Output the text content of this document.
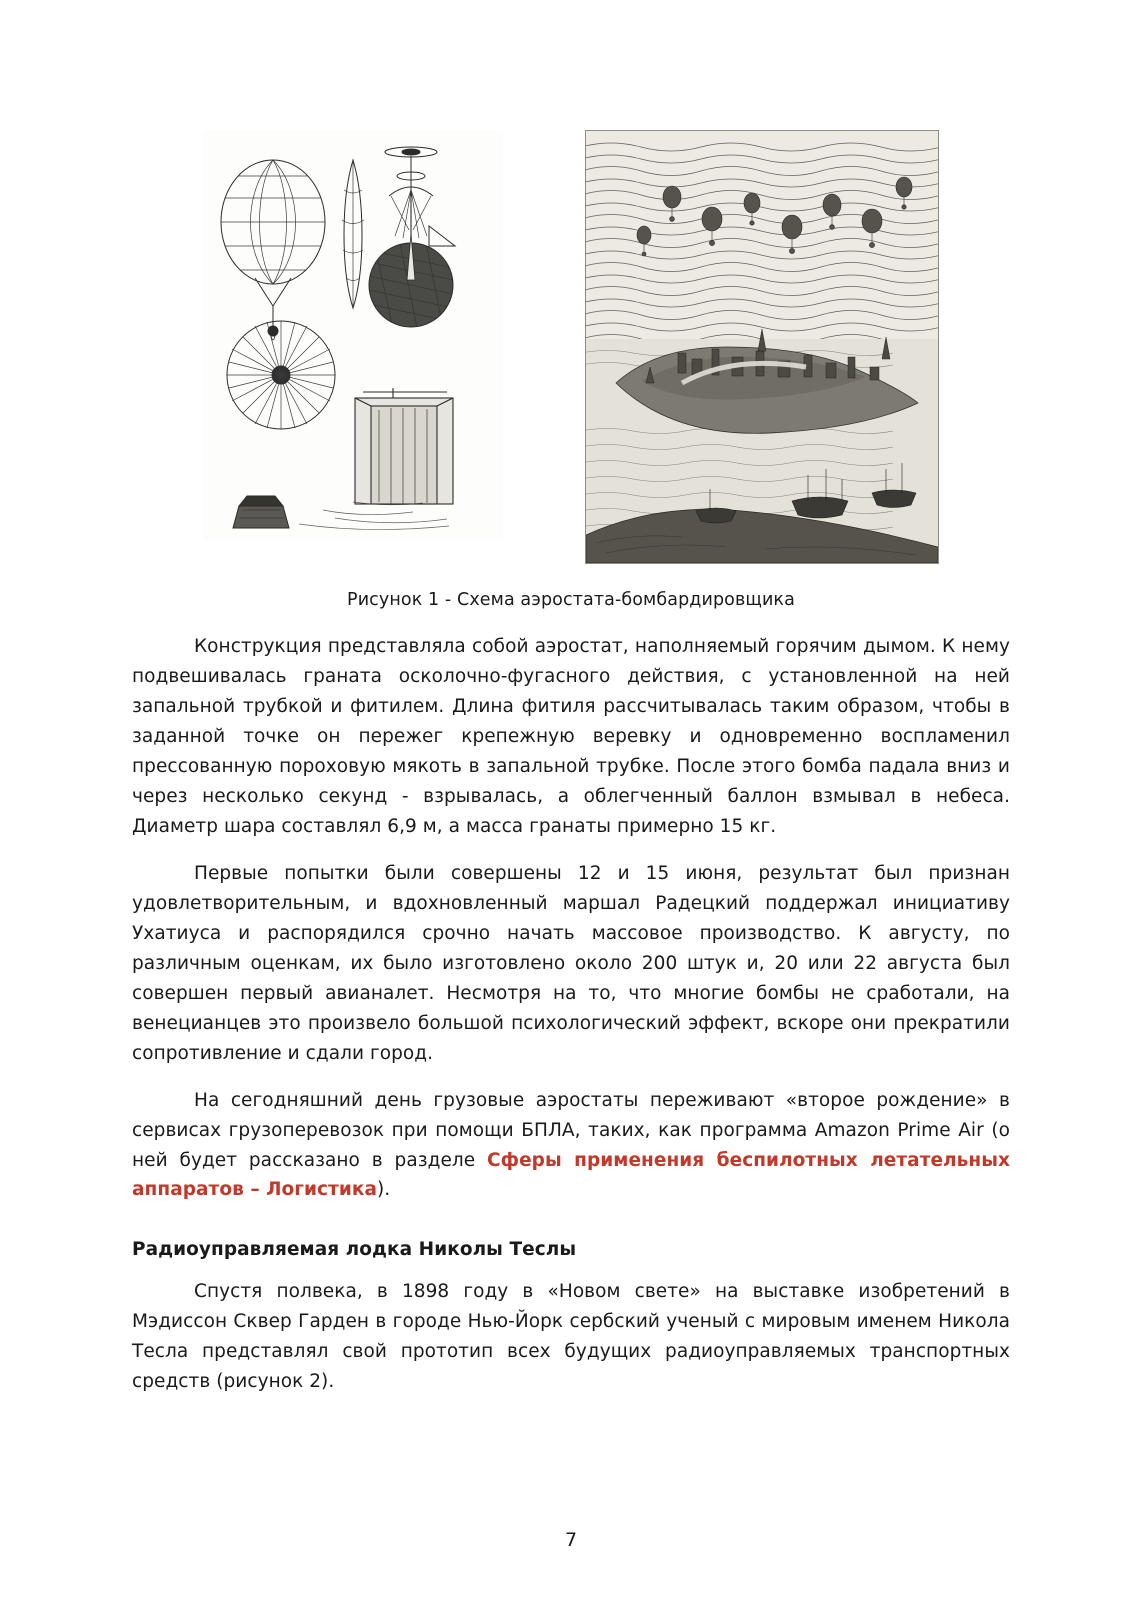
Рисунок 1 - Схема аэростата-бомбардировщика

Конструкция представляла собой аэростат, наполняемый горячим дымом. К нему подвешивалась граната осколочно-фугасного действия, с установленной на ней запальной трубкой и фитилем. Длина фитиля рассчитывалась таким образом, чтобы в заданной точке он пережег крепежную веревку и одновременно воспламенил прессованную пороховую мякоть в запальной трубке. После этого бомба падала вниз и через несколько секунд - взрывалась, а облегченный баллон взмывал в небеса. Диаметр шара составлял 6,9 м, а масса гранаты примерно 15 кг.

Первые попытки были совершены 12 и 15 июня, результат был признан удовлетворительным, и вдохновленный маршал Радецкий поддержал инициативу Ухатиуса и распорядился срочно начать массовое производство. К августу, по различным оценкам, их было изготовлено около 200 штук и, 20 или 22 августа был совершен первый авианалет. Несмотря на то, что многие бомбы не сработали, на венецианцев это произвело большой психологический эффект, вскоре они прекратили сопротивление и сдали город.

На сегодняшний день грузовые аэростаты переживают «второе рождение» в сервисах грузоперевозок при помощи БПЛА, таких, как программа Amazon Prime Air (о ней будет рассказано в разделе Сферы применения беспилотных летательных аппаратов – Логистика).

Радиоуправляемая лодка Николы Теслы

Спустя полвека, в 1898 году в «Новом свете» на выставке изобретений в Мэдиссон Сквер Гарден в городе Нью-Йорк сербский ученый с мировым именем Никола Тесла представлял свой прототип всех будущих радиоуправляемых транспортных средств (рисунок 2).

7
